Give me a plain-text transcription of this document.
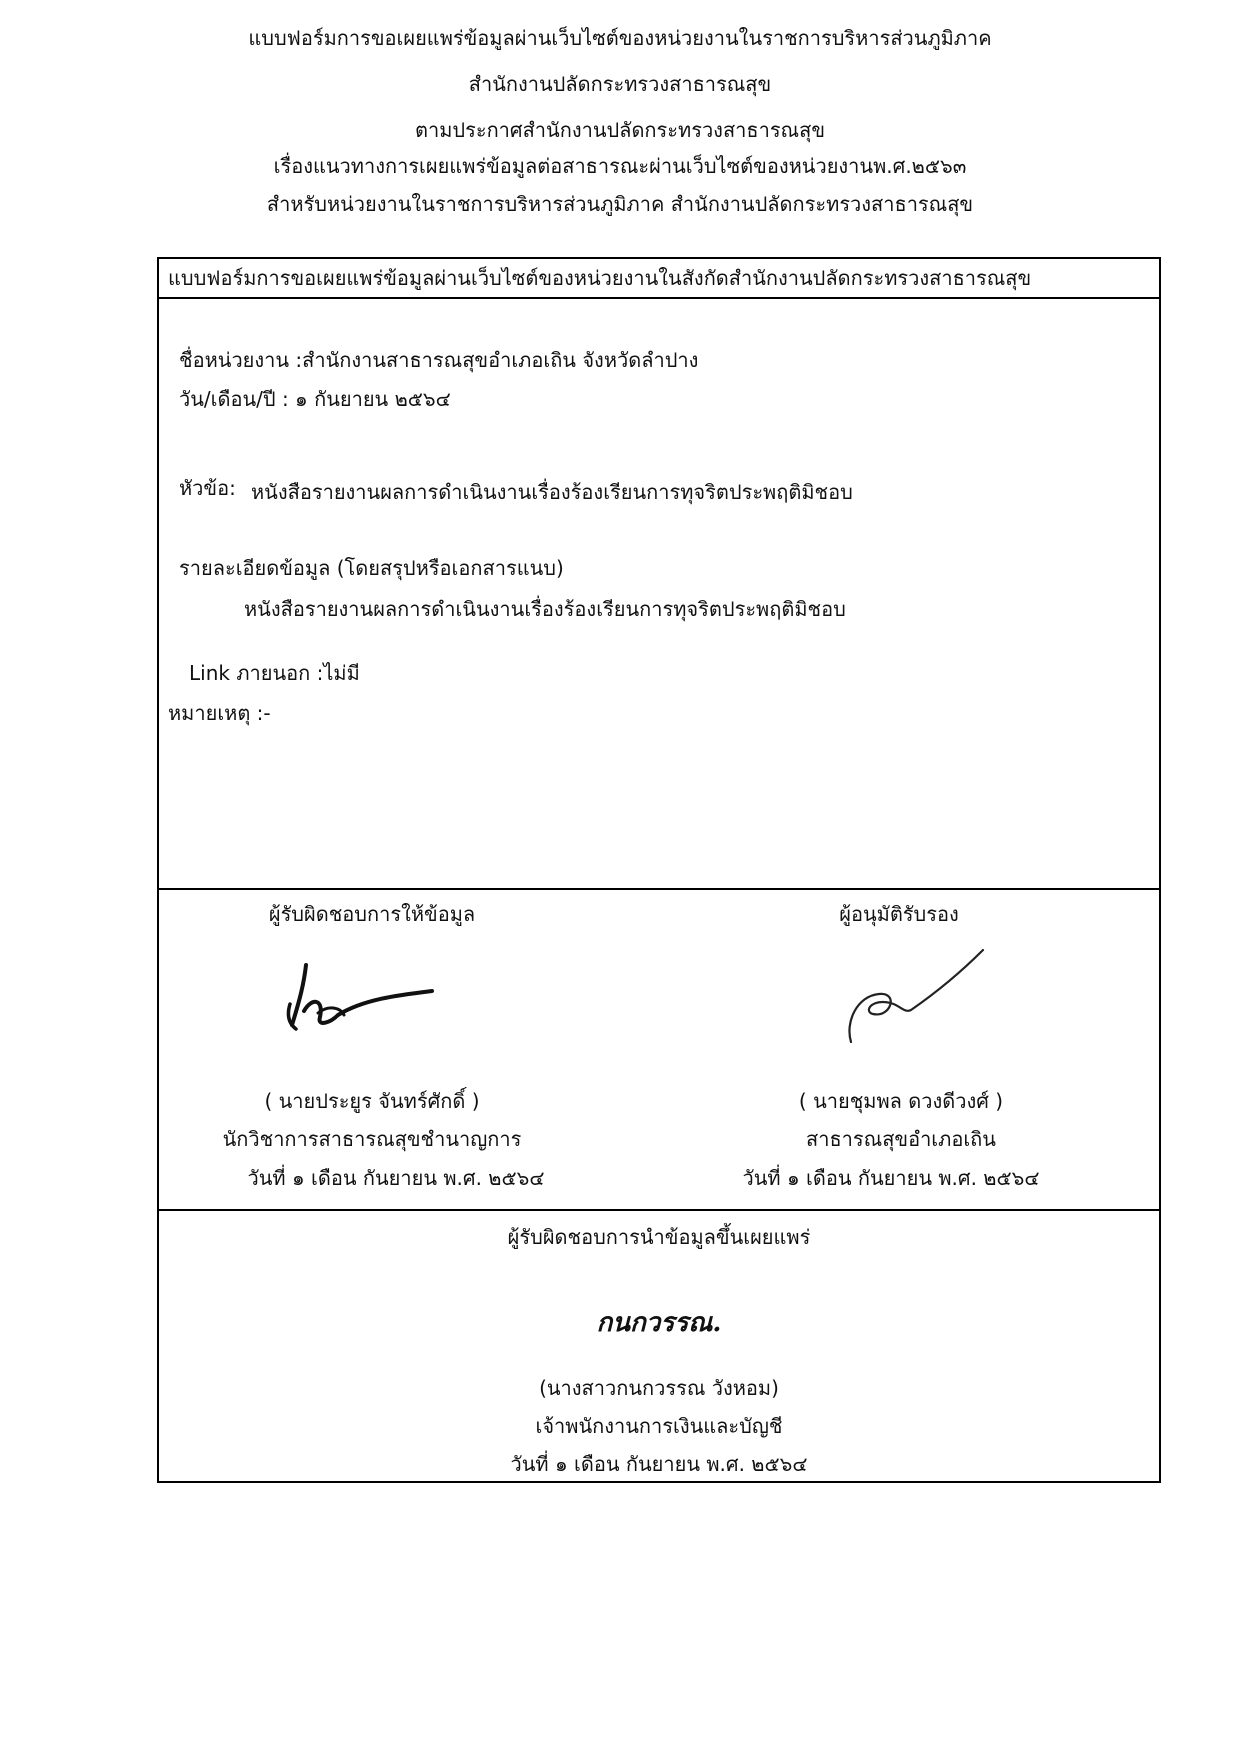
แบบฟอร์มการขอเผยแพร่ข้อมูลผ่านเว็บไซต์ของหน่วยงานในราชการบริหารส่วนภูมิภาค
สำนักงานปลัดกระทรวงสาธารณสุข
ตามประกาศสำนักงานปลัดกระทรวงสาธารณสุข
เรื่องแนวทางการเผยแพร่ข้อมูลต่อสาธารณะผ่านเว็บไซต์ของหน่วยงานพ.ศ.๒๕๖๓
สำหรับหน่วยงานในราชการบริหารส่วนภูมิภาค สำนักงานปลัดกระทรวงสาธารณสุข
แบบฟอร์มการขอเผยแพร่ข้อมูลผ่านเว็บไซต์ของหน่วยงานในสังกัดสำนักงานปลัดกระทรวงสาธารณสุข
ชื่อหน่วยงาน :สำนักงานสาธารณสุขอำเภอเถิน จังหวัดลำปาง
วัน/เดือน/ปี : ๑ กันยายน ๒๕๖๔
หัวข้อ: หนังสือรายงานผลการดำเนินงานเรื่องร้องเรียนการทุจริตประพฤติมิชอบ
รายละเอียดข้อมูล (โดยสรุปหรือเอกสารแนบ)
หนังสือรายงานผลการดำเนินงานเรื่องร้องเรียนการทุจริตประพฤติมิชอบ
Link ภายนอก :ไม่มี
หมายเหตุ :-
ผู้รับผิดชอบการให้ข้อมูล
( นายประยูร จันทร์ศักดิ์ )
นักวิชาการสาธารณสุขชำนาญการ
วันที่ ๑ เดือน กันยายน พ.ศ. ๒๕๖๔
ผู้อนุมัติรับรอง
( นายชุมพล ดวงดีวงศ์ )
สาธารณสุขอำเภอเถิน
วันที่ ๑ เดือน กันยายน พ.ศ. ๒๕๖๔
ผู้รับผิดชอบการนำข้อมูลขึ้นเผยแพร่
กนกวรรณ.
(นางสาวกนกวรรณ วังหอม)
เจ้าพนักงานการเงินและบัญชี
วันที่ ๑ เดือน กันยายน พ.ศ. ๒๕๖๔
